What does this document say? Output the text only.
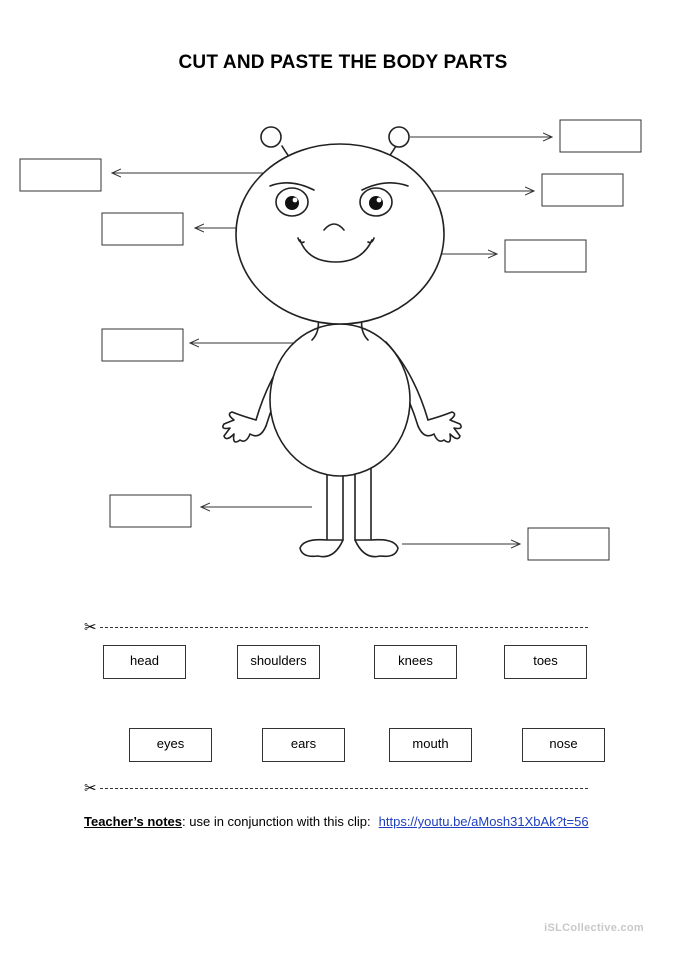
CUT AND PASTE THE BODY PARTS
✂
head	shoulders	knees	toes
eyes	ears	mouth	nose
✂
Teacher’s notes: use in conjunction with this clip: https://youtu.be/aMosh31XbAk?t=56
iSLCollective.com
